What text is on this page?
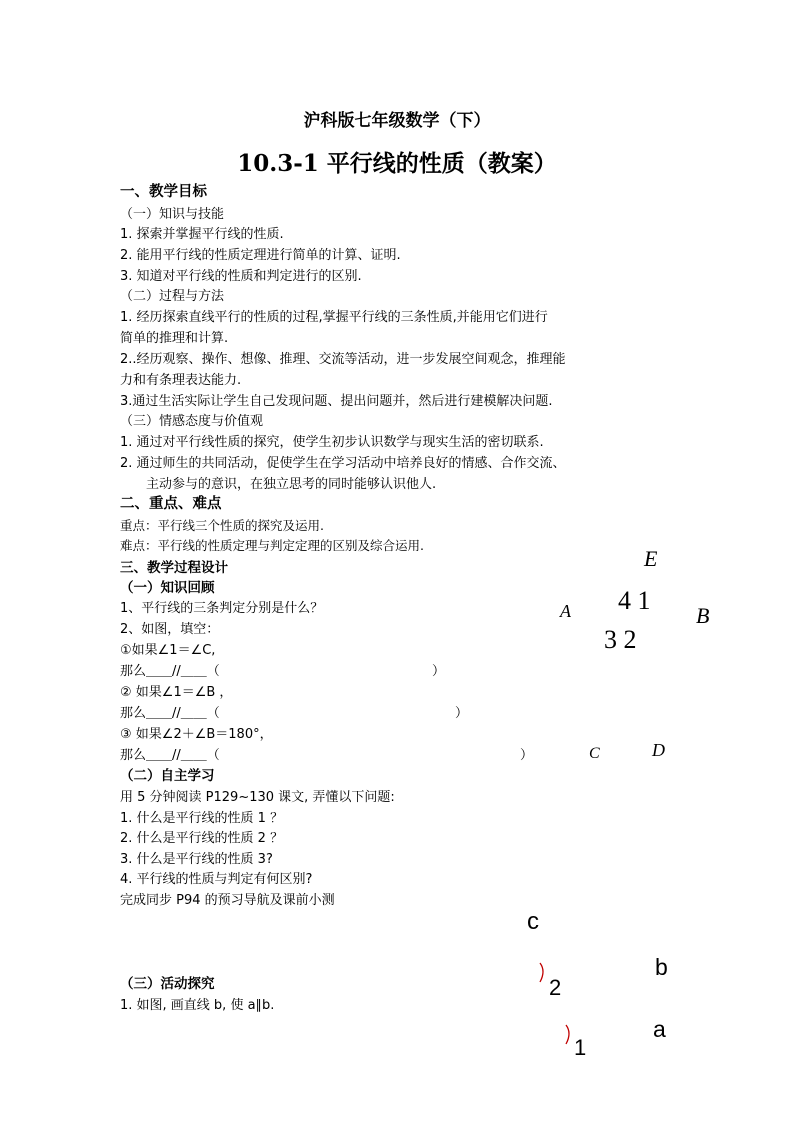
沪科版七年级数学（下）
10.3-1 平行线的性质（教案）
一、教学目标
（一）知识与技能
1. 探索并掌握平行线的性质.
2. 能用平行线的性质定理进行简单的计算、证明.
3. 知道对平行线的性质和判定进行的区别.
（二）过程与方法
1. 经历探索直线平行的性质的过程,掌握平行线的三条性质,并能用它们进行
简单的推理和计算.
2..经历观察、操作、想像、推理、交流等活动，进一步发展空间观念，推理能
力和有条理表达能力.
3.通过生活实际让学生自己发现问题、提出问题并，然后进行建模解决问题.
（三）情感态度与价值观
1. 通过对平行线性质的探究，使学生初步认识数学与现实生活的密切联系.
2. 通过师生的共同活动，促使学生在学习活动中培养良好的情感、合作交流、
主动参与的意识，在独立思考的同时能够认识他人.
二、重点、难点
重点：平行线三个性质的探究及运用.
难点：平行线的性质定理与判定定理的区别及综合运用.
三、教学过程设计
（一）知识回顾
1、平行线的三条判定分别是什么？
2、如图，填空：
①如果∠1＝∠C,
那么＿＿//＿＿（	）
② 如果∠1＝∠B ，
那么＿＿//＿＿（	）
③ 如果∠2＋∠B＝180°，
那么＿＿//＿＿（	）
（二）自主学习
用 5 分钟阅读 P129~130 课文, 弄懂以下问题:
1. 什么是平行线的性质 1 ？
2. 什么是平行线的性质 2 ？
3. 什么是平行线的性质 3?
4. 平行线的性质与判定有何区别?
完成同步 P94 的预习导航及课前小测
（三）活动探究
1. 如图, 画直线 b, 使 a∥b.
E
A 4 1
B
3 2
C	D
c
b
a
2
1
